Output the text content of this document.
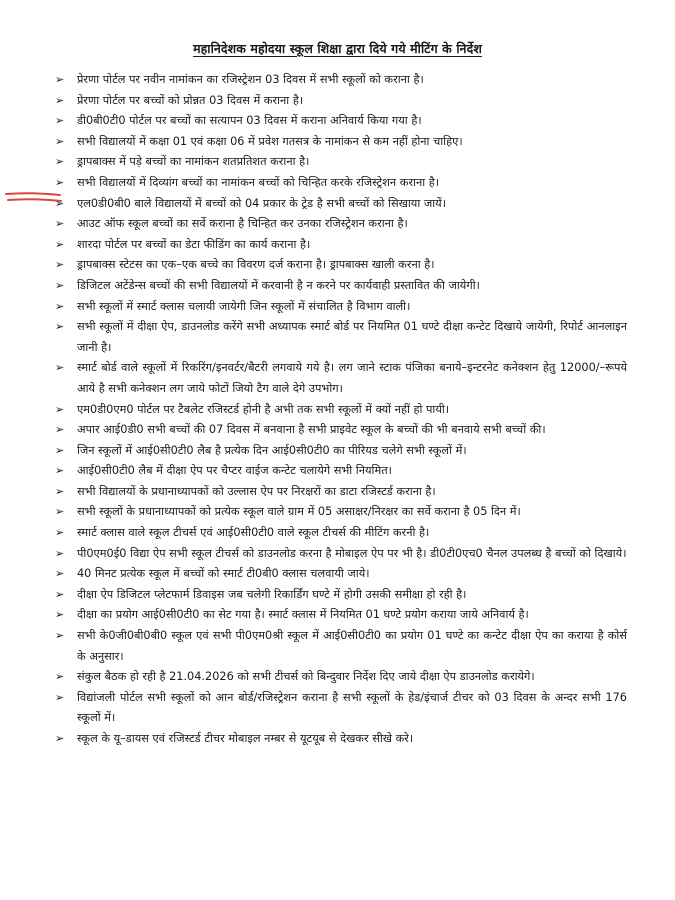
महानिदेशक महोदया स्कूल शिक्षा द्वारा दिये गये मीटिंग के निर्देश
➢	प्रेरणा पोर्टल पर नवीन नामांकन का रजिस्ट्रेशन 03 दिवस में सभी स्कूलों को कराना है।
➢	प्रेरणा पोर्टल पर बच्चों को प्रोन्नत 03 दिवस में कराना है।
➢	डी0बी0टी0 पोर्टल पर बच्चों का सत्यापन 03 दिवस में कराना अनिवार्य किया गया है।
➢	सभी विद्यालयों में कक्षा 01 एवं कक्षा 06 में प्रवेश गतसत्र के नामांकन से कम नहीं होना चाहिए।
➢	ड्रापबाक्स में पड़े बच्चों का नामांकन शतप्रतिशत कराना है।
➢	सभी विद्यालयों में दिव्यांग बच्चों का नामांकन बच्चों को चिन्हित करके रजिस्ट्रेशन कराना है।
➢	एल0डी0बी0 बाले विद्यालयों में बच्चों को 04 प्रकार के ट्रेड है सभी बच्चों को सिखाया जायें।
➢	आउट ऑफ स्कूल बच्चों का सर्वे कराना है चिन्हित कर उनका रजिस्ट्रेशन कराना है।
➢	शारदा पोर्टल पर बच्चों का डेटा फीडिंग का कार्य कराना है।
➢	ड्रापबाक्स स्टेटस का एक–एक बच्चे का विवरण दर्ज कराना है। ड्रापबाक्स खाली करना है।
➢	डिजिटल अटेंडेन्स बच्चों की सभी विद्यालयों में करवानी है न करने पर कार्यवाही प्रस्तावित की जायेगी।
➢	सभी स्कूलों में स्मार्ट क्लास चलायी जायेगी जिन स्कूलों में संचालित है विभाग वाली।
➢	सभी स्कूलों में दीक्षा ऐप, डाउनलोड करेंगे सभी अध्यापक स्मार्ट बोर्ड पर नियमित 01 घण्टे दीक्षा कन्टेट दिखाये जायेगी, रिपोर्ट आनलाइन जानी है।
➢	स्मार्ट बोर्ड वाले स्कूलों में रिकरिंग/इनवर्टर/बैटरी लगवाये गये है। लग जाने स्टाक पंजिका बनाये–इन्टरनेट कनेक्शन हेतु 12000/–रूपये आये है सभी कनेक्शन लग जाये फोटों जियो टैग वाले देगे उपभोग।
➢	एम0डी0एम0 पोर्टल पर टैबलेट रजिस्टर्ड होनी है अभी तक सभी स्कूलों में क्यों नहीं हो पायी।
➢	अपार आई0डी0 सभी बच्चों की 07 दिवस में बनवाना है सभी प्राइवेट स्कूल के बच्चों की भी बनवाये सभी बच्चों की।
➢	जिन स्कूलों में आई0सी0टी0 लैब है प्रत्येक दिन आई0सी0टी0 का पीरियड चलेगे सभी स्कूलों में।
➢	आई0सी0टी0 लैब में दीक्षा ऐप पर चैप्टर वाईज कन्टेट चलायेगे सभी नियमित।
➢	सभी विद्यालयों के प्रधानाध्यापकों को उल्लास ऐप पर निरक्षरों का डाटा रजिस्टर्ड कराना है।
➢	सभी स्कूलों के प्रधानाध्यापकों को प्रत्येक स्कूल वाले ग्राम में 05 असाक्षर/निरक्षर का सर्वे कराना है 05 दिन में।
➢	स्मार्ट क्लास वाले स्कूल टीचर्स एवं आई0सी0टी0 वाले स्कूल टीचर्स की मीटिंग करनी है।
➢	पी0एम0ई0 विद्या ऐप सभी स्कूल टीचर्स को डाउनलोड करना है मोबाइल ऐप पर भी है। डी0टी0एच0 चैनल उपलब्ध है बच्चों को दिखाये।
➢	40 मिनट प्रत्येक स्कूल में बच्चों को स्मार्ट टी0बी0 क्लास चलवायी जाये।
➢	दीक्षा ऐप डिजिटल प्लेटफार्म डिवाइस जब चलेगी रिकार्डिंग घण्टे में होगी उसकी समीक्षा हो रही है।
➢	दीक्षा का प्रयोग आई0सी0टी0 का सेट गया है। स्मार्ट क्लास में नियमित 01 घण्टे प्रयोग कराया जाये अनिवार्य है।
➢	सभी के0जी0बी0बी0 स्कूल एवं सभी पी0एम0श्री स्कूल में आई0सी0टी0 का प्रयोग 01 घण्टे का कन्टेट दीक्षा ऐप का कराया है कोर्स के अनुसार।
➢	संकुल बैठक हो रही है 21.04.2026 को सभी टीचर्स को बिन्दुवार निर्देश दिए जाये दीक्षा ऐप डाउनलोड करायेगे।
➢	विद्यांजली पोर्टल सभी स्कूलों को आन बोर्ड/रजिस्ट्रेशन कराना है सभी स्कूलों के हेड/इंचार्ज टीचर को 03 दिवस के अन्दर सभी 176 स्कूलों में।
➢	स्कूल के यू–डायस एवं रजिस्टर्ड टीचर मोबाइल नम्बर से यूटयूब से देखकर सीखे करे।
